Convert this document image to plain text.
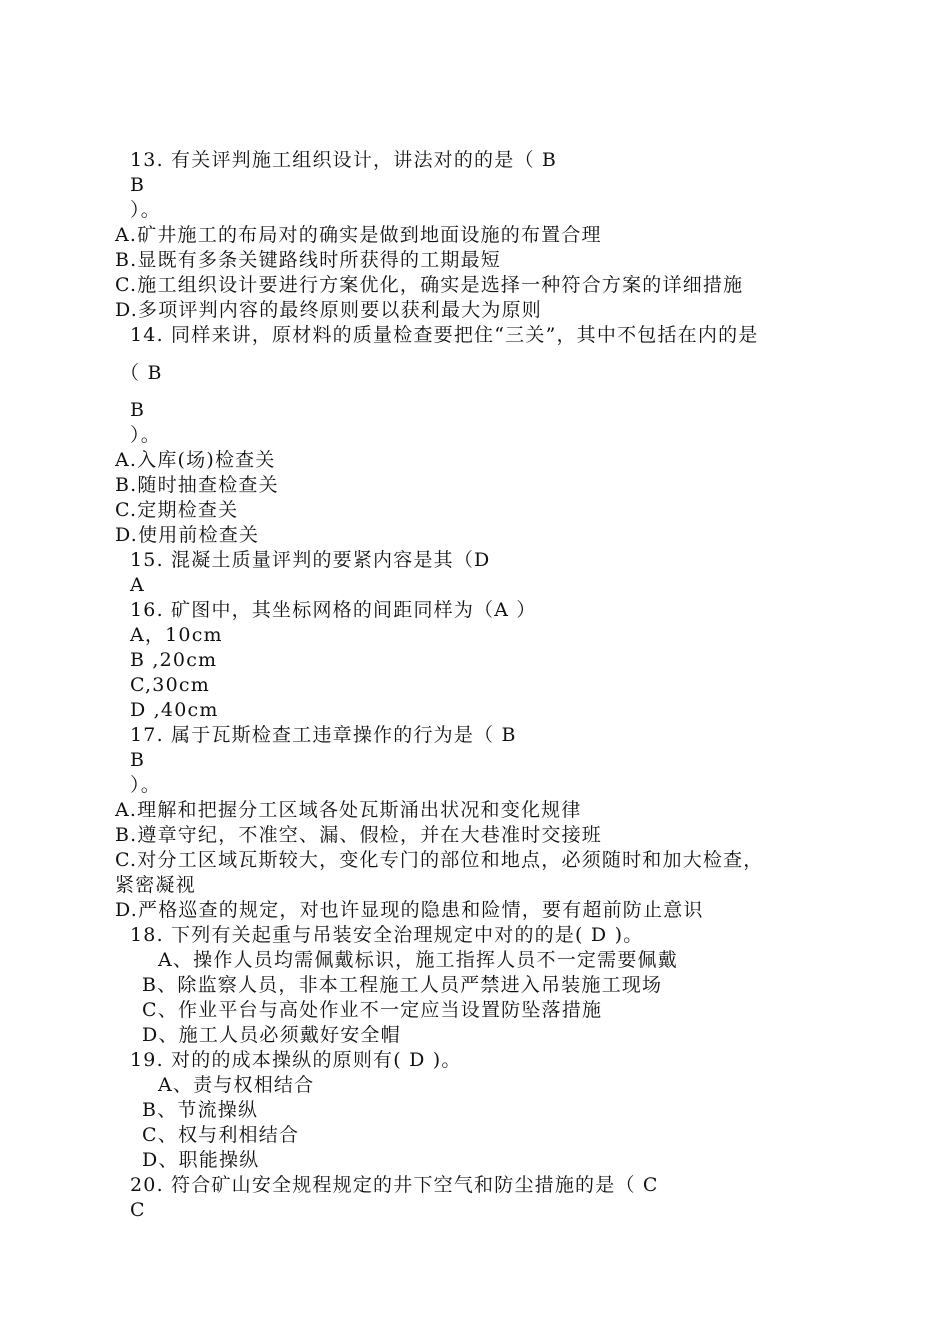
13. 有关评判施工组织设计，讲法对的的是（ B
B
）。
A.矿井施工的布局对的确实是做到地面设施的布置合理
B.显既有多条关键路线时所获得的工期最短
C.施工组织设计要进行方案优化，确实是选择一种符合方案的详细措施
D.多项评判内容的最终原则要以获利最大为原则
14. 同样来讲，原材料的质量检查要把住“三关”，其中不包括在内的是
（ B
B
）。
A.入库(场)检查关
B.随时抽查检查关
C.定期检查关
D.使用前检查关
15. 混凝土质量评判的要紧内容是其（D
A
16. 矿图中，其坐标网格的间距同样为（A ）
A，10cm
B ,20cm
C,30cm
D ,40cm
17. 属于瓦斯检查工违章操作的行为是（ B
B
）。
A.理解和把握分工区域各处瓦斯涌出状况和变化规律
B.遵章守纪，不准空、漏、假检，并在大巷准时交接班
C.对分工区域瓦斯较大，变化专门的部位和地点，必须随时和加大检查，
紧密凝视
D.严格巡查的规定，对也许显现的隐患和险情，要有超前防止意识
18. 下列有关起重与吊装安全治理规定中对的的是( D )。
A、操作人员均需佩戴标识，施工指挥人员不一定需要佩戴
B、除监察人员，非本工程施工人员严禁进入吊装施工现场
C、作业平台与高处作业不一定应当设置防坠落措施
D、施工人员必须戴好安全帽
19. 对的的成本操纵的原则有( D )。
A、责与权相结合
B、节流操纵
C、权与利相结合
D、职能操纵
20. 符合矿山安全规程规定的井下空气和防尘措施的是（ C
C
